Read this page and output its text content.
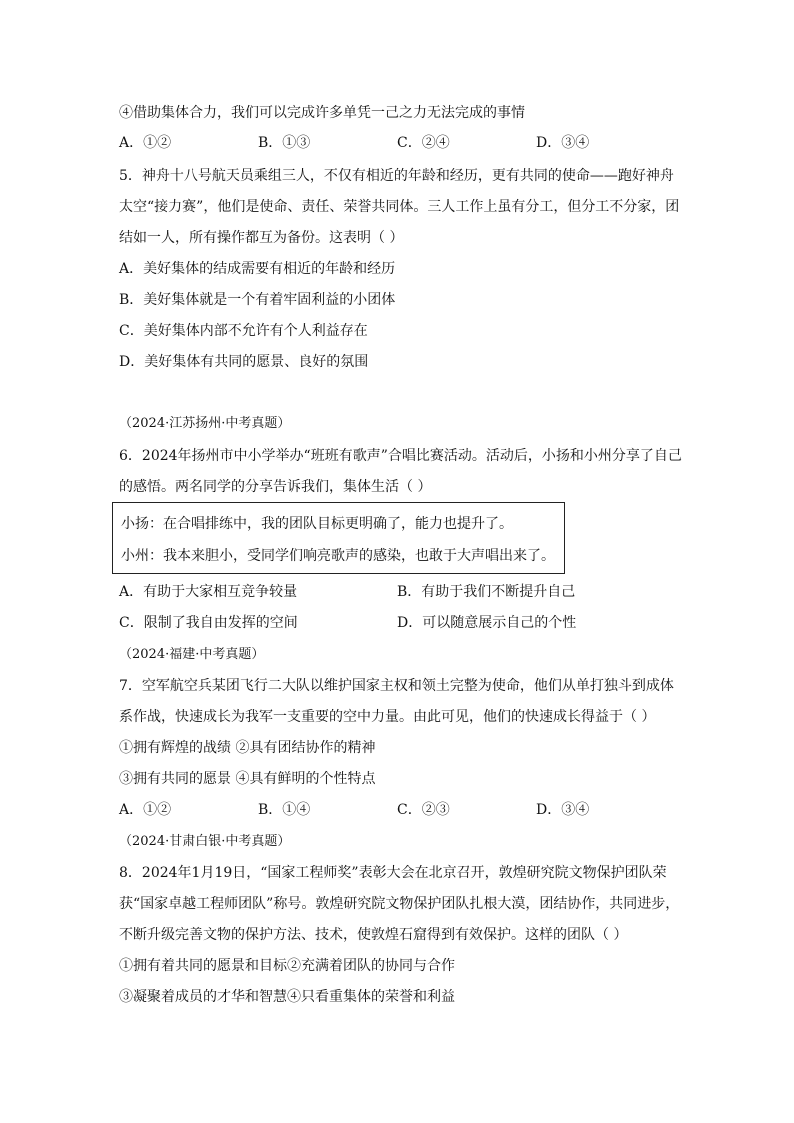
④借助集体合力，我们可以完成许多单凭一己之力无法完成的事情
A．①②	B．①③	C．②④	D．③④
5．神舟十八号航天员乘组三人，不仅有相近的年龄和经历，更有共同的使命——跑好神舟
太空“接力赛”，他们是使命、责任、荣誉共同体。三人工作上虽有分工，但分工不分家，团
结如一人，所有操作都互为备份。这表明（ ）
A．美好集体的结成需要有相近的年龄和经历
B．美好集体就是一个有着牢固利益的小团体
C．美好集体内部不允许有个人利益存在
D．美好集体有共同的愿景、良好的氛围
（2024·江苏扬州·中考真题）
6．2024年扬州市中小学举办“班班有歌声”合唱比赛活动。活动后，小扬和小州分享了自己
的感悟。两名同学的分享告诉我们，集体生活（ ）
小扬：在合唱排练中，我的团队目标更明确了，能力也提升了。
小州：我本来胆小，受同学们响亮歌声的感染，也敢于大声唱出来了。
A．有助于大家相互竞争较量	B．有助于我们不断提升自己
C．限制了我自由发挥的空间	D．可以随意展示自己的个性
（2024·福建·中考真题）
7．空军航空兵某团飞行二大队以维护国家主权和领土完整为使命，他们从单打独斗到成体
系作战，快速成长为我军一支重要的空中力量。由此可见，他们的快速成长得益于（ ）
①拥有辉煌的战绩 ②具有团结协作的精神
③拥有共同的愿景 ④具有鲜明的个性特点
A．①②	B．①④	C．②③	D．③④
（2024·甘肃白银·中考真题）
8．2024年1月19日，“国家工程师奖”表彰大会在北京召开，敦煌研究院文物保护团队荣
获“国家卓越工程师团队”称号。敦煌研究院文物保护团队扎根大漠，团结协作，共同进步，
不断升级完善文物的保护方法、技术，使敦煌石窟得到有效保护。这样的团队（ ）
①拥有着共同的愿景和目标②充满着团队的协同与合作
③凝聚着成员的才华和智慧④只看重集体的荣誉和利益
